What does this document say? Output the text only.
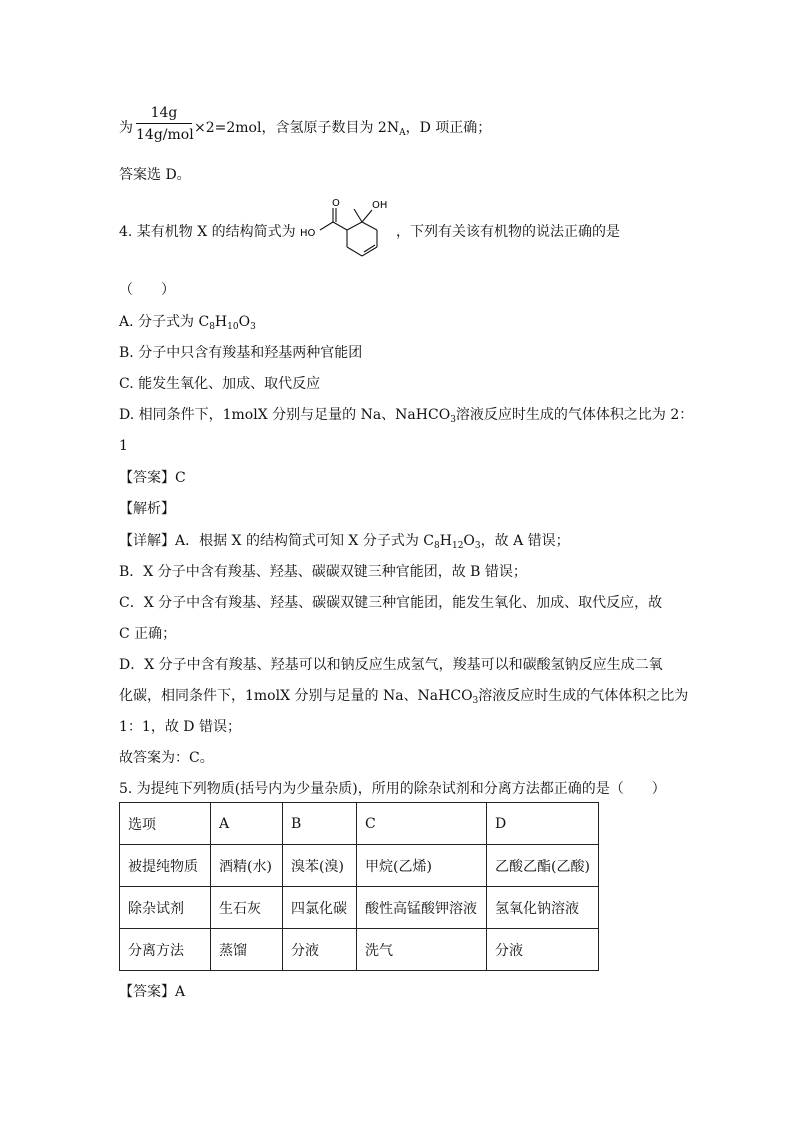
为
14g
14g/mol ×2=2mol，含氢原子数目为 $2N_A$，D 项正确；
答案选 D。
4. 某有机物 X 的结构简式为
O	OH
HO	，下列有关该有机物的说法正确的是
（　　）
A. 分子式为 $C_8H_{10}O_3$
B. 分子中只含有羧基和羟基两种官能团
C. 能发生氧化、加成、取代反应
D. 相同条件下，1molX 分别与足量的 Na、NaHCO$_3$溶液反应时生成的气体体积之比为 2：
1
【答案】C
【解析】
【详解】A．根据 X 的结构简式可知 X 分子式为 $C_8H_{12}O_3$，故 A 错误；
B．X 分子中含有羧基、羟基、碳碳双键三种官能团，故 B 错误；
C．X 分子中含有羧基、羟基、碳碳双键三种官能团，能发生氧化、加成、取代反应，故
C 正确；
D．X 分子中含有羧基、羟基可以和钠反应生成氢气，羧基可以和碳酸氢钠反应生成二氧
化碳，相同条件下，1molX 分别与足量的 Na、NaHCO$_3$溶液反应时生成的气体体积之比为
1：1，故 D 错误；
故答案为：C。
5. 为提纯下列物质(括号内为少量杂质)，所用的除杂试剂和分离方法都正确的是（　　）
选项	A	B	C	D
被提纯物质	酒精(水)	溴苯(溴)	甲烷(乙烯)	乙酸乙酯(乙酸)
除杂试剂	生石灰	四氯化碳	酸性高锰酸钾溶液	氢氧化钠溶液
分离方法	蒸馏	分液	洗气	分液
【答案】A
